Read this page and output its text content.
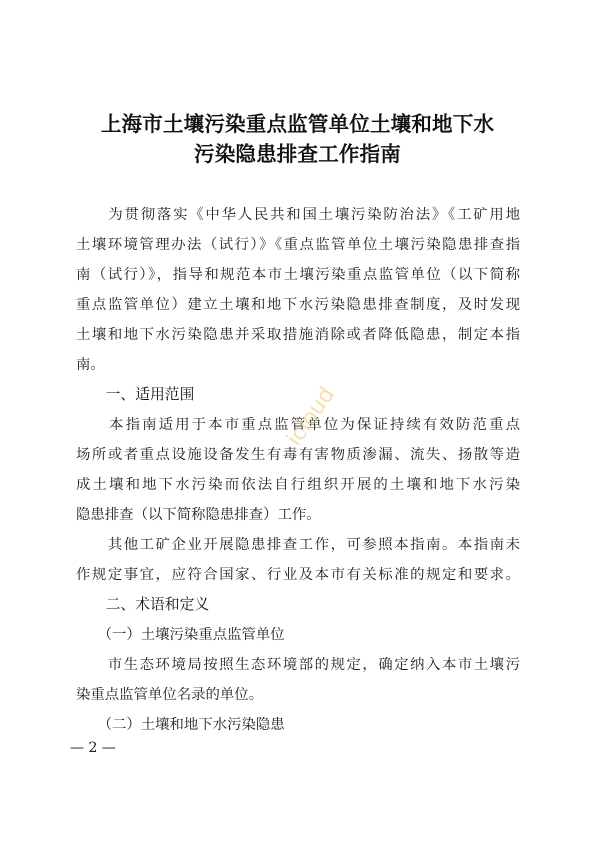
上海市土壤污染重点监管单位土壤和地下水
污染隐患排查工作指南
　　为贯彻落实《中华人民共和国土壤污染防治法》《工矿用地
土壤环境管理办法（试行）》《重点监管单位土壤污染隐患排查指
南（试行）》，指导和规范本市土壤污染重点监管单位（以下简称
重点监管单位）建立土壤和地下水污染隐患排查制度，及时发现
土壤和地下水污染隐患并采取措施消除或者降低隐患，制定本指
南。
　　一、适用范围
　　本指南适用于本市重点监管单位为保证持续有效防范重点
场所或者重点设施设备发生有毒有害物质渗漏、流失、扬散等造
成土壤和地下水污染而依法自行组织开展的土壤和地下水污染
隐患排查（以下简称隐患排查）工作。
　　其他工矿企业开展隐患排查工作，可参照本指南。本指南未
作规定事宜，应符合国家、行业及本市有关标准的规定和要求。
　　二、术语和定义
　　（一）土壤污染重点监管单位
　　市生态环境局按照生态环境部的规定，确定纳入本市土壤污
染重点监管单位名录的单位。
　　（二）土壤和地下水污染隐患
— 2 —
icloud
